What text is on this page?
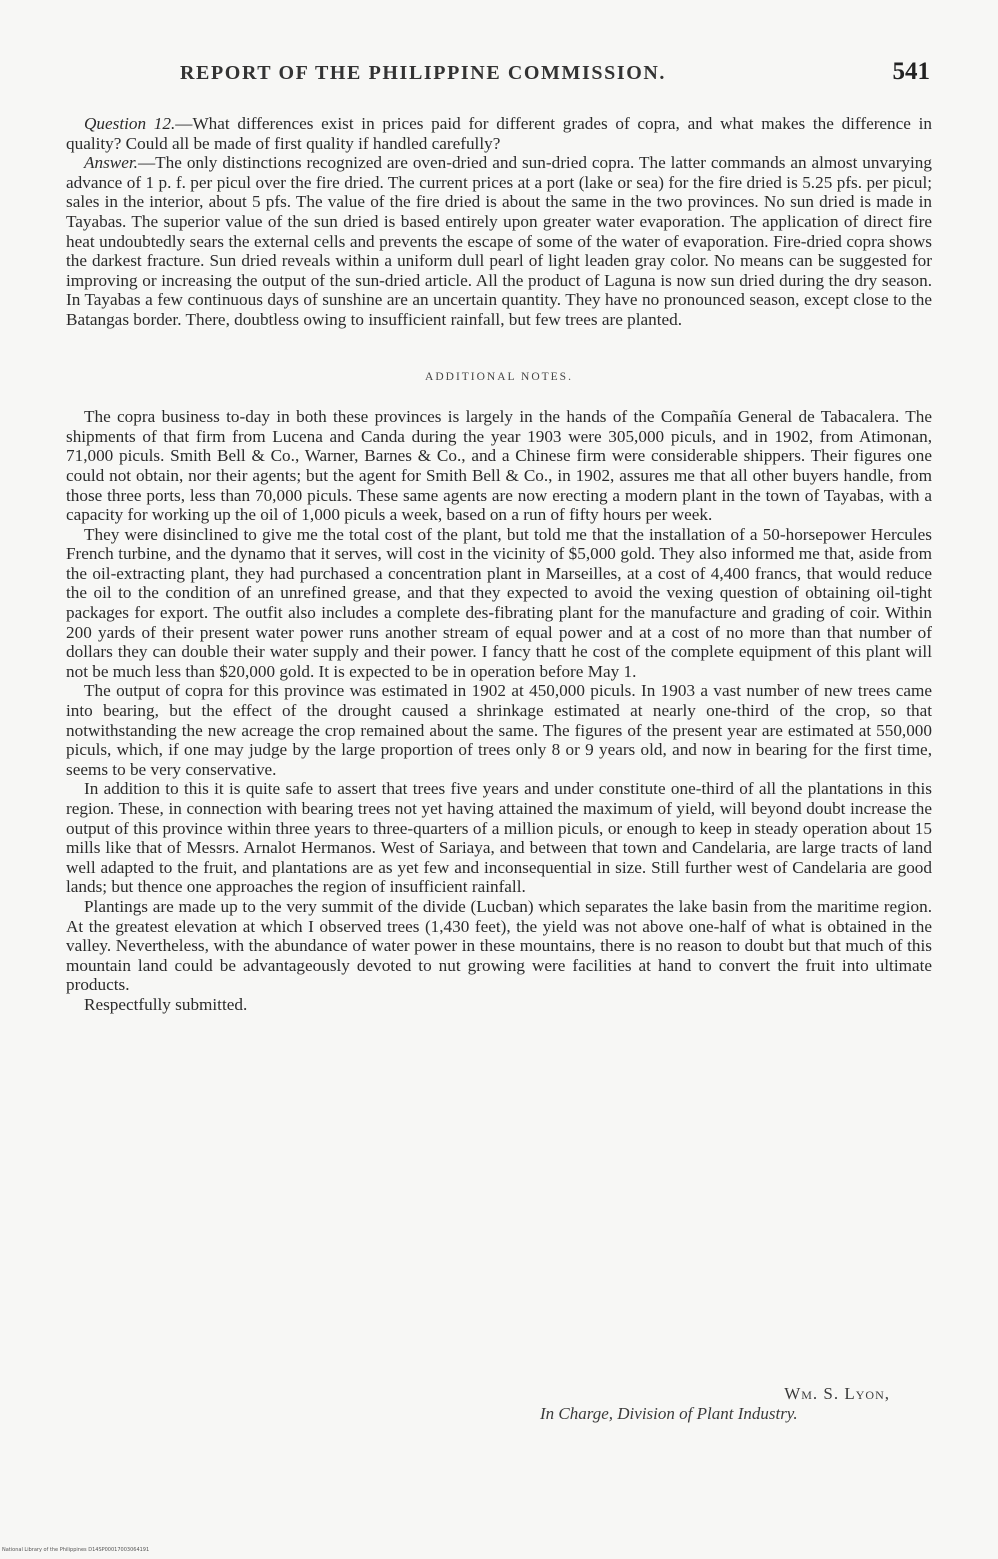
REPORT OF THE PHILIPPINE COMMISSION.	541

Question 12.—What differences exist in prices paid for different grades of copra, and what makes the difference in quality? Could all be made of first quality if handled carefully?

Answer.—The only distinctions recognized are oven-dried and sun-dried copra. The latter commands an almost unvarying advance of 1 p. f. per picul over the fire dried. The current prices at a port (lake or sea) for the fire dried is 5.25 pfs. per picul; sales in the interior, about 5 pfs. The value of the fire dried is about the same in the two provinces. No sun dried is made in Tayabas. The superior value of the sun dried is based entirely upon greater water evaporation. The application of direct fire heat undoubtedly sears the external cells and prevents the escape of some of the water of evaporation. Fire-dried copra shows the darkest fracture. Sun dried reveals within a uniform dull pearl of light leaden gray color. No means can be suggested for improving or increasing the output of the sun-dried article. All the product of Laguna is now sun dried during the dry season. In Tayabas a few continuous days of sunshine are an uncertain quantity. They have no pronounced season, except close to the Batangas border. There, doubtless owing to insufficient rainfall, but few trees are planted.

ADDITIONAL NOTES.

The copra business to-day in both these provinces is largely in the hands of the Compañía General de Tabacalera. The shipments of that firm from Lucena and Canda during the year 1903 were 305,000 piculs, and in 1902, from Atimonan, 71,000 piculs. Smith Bell & Co., Warner, Barnes & Co., and a Chinese firm were considerable shippers. Their figures one could not obtain, nor their agents; but the agent for Smith Bell & Co., in 1902, assures me that all other buyers handle, from those three ports, less than 70,000 piculs. These same agents are now erecting a modern plant in the town of Tayabas, with a capacity for working up the oil of 1,000 piculs a week, based on a run of fifty hours per week.

They were disinclined to give me the total cost of the plant, but told me that the installation of a 50-horsepower Hercules French turbine, and the dynamo that it serves, will cost in the vicinity of $5,000 gold. They also informed me that, aside from the oil-extracting plant, they had purchased a concentration plant in Marseilles, at a cost of 4,400 francs, that would reduce the oil to the condition of an unrefined grease, and that they expected to avoid the vexing question of obtaining oil-tight packages for export. The outfit also includes a complete des-fibrating plant for the manufacture and grading of coir. Within 200 yards of their present water power runs another stream of equal power and at a cost of no more than that number of dollars they can double their water supply and their power. I fancy thatt he cost of the complete equipment of this plant will not be much less than $20,000 gold. It is expected to be in operation before May 1.

The output of copra for this province was estimated in 1902 at 450,000 piculs. In 1903 a vast number of new trees came into bearing, but the effect of the drought caused a shrinkage estimated at nearly one-third of the crop, so that notwithstanding the new acreage the crop remained about the same. The figures of the present year are estimated at 550,000 piculs, which, if one may judge by the large proportion of trees only 8 or 9 years old, and now in bearing for the first time, seems to be very conservative.

In addition to this it is quite safe to assert that trees five years and under constitute one-third of all the plantations in this region. These, in connection with bearing trees not yet having attained the maximum of yield, will beyond doubt increase the output of this province within three years to three-quarters of a million piculs, or enough to keep in steady operation about 15 mills like that of Messrs. Arnalot Hermanos. West of Sariaya, and between that town and Candelaria, are large tracts of land well adapted to the fruit, and plantations are as yet few and inconsequential in size. Still further west of Candelaria are good lands; but thence one approaches the region of insufficient rainfall.

Plantings are made up to the very summit of the divide (Lucban) which separates the lake basin from the maritime region. At the greatest elevation at which I observed trees (1,430 feet), the yield was not above one-half of what is obtained in the valley. Nevertheless, with the abundance of water power in these mountains, there is no reason to doubt but that much of this mountain land could be advantageously devoted to nut growing were facilities at hand to convert the fruit into ultimate products.

Respectfully submitted.

Wm. S. Lyon,
In Charge, Division of Plant Industry.
National Library of the Philippines D14SP00017003064191
